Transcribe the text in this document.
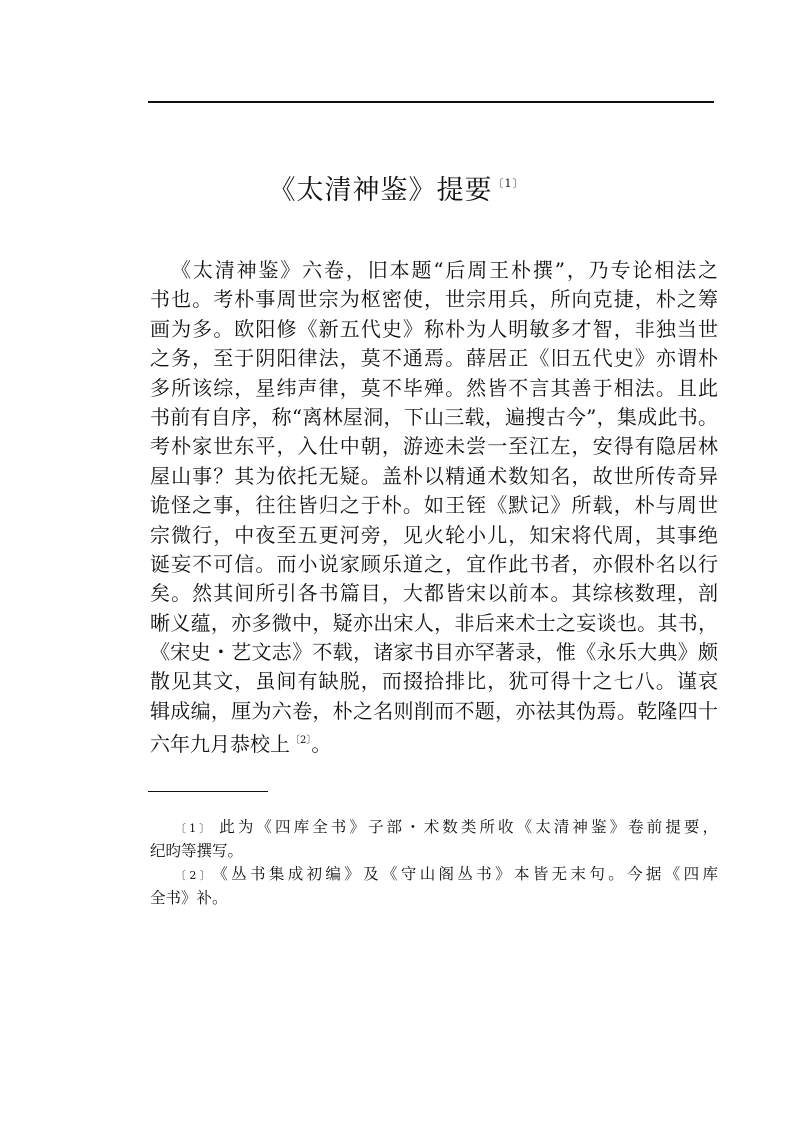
《太清神鉴》提要$^{〔1〕}$
《太清神鉴》六卷，旧本题“后周王朴撰”，乃专论相法之
书也。考朴事周世宗为枢密使，世宗用兵，所向克捷，朴之筹
画为多。欧阳修《新五代史》称朴为人明敏多才智，非独当世
之务，至于阴阳律法，莫不通焉。薛居正《旧五代史》亦谓朴
多所该综，星纬声律，莫不毕殚。然皆不言其善于相法。且此
书前有自序，称“离林屋洞，下山三载，遍搜古今”，集成此书。
考朴家世东平，入仕中朝，游迹未尝一至江左，安得有隐居林
屋山事？其为依托无疑。盖朴以精通术数知名，故世所传奇异
诡怪之事，往往皆归之于朴。如王铚《默记》所载，朴与周世
宗微行，中夜至五更河旁，见火轮小儿，知宋将代周，其事绝
诞妄不可信。而小说家顾乐道之，宜作此书者，亦假朴名以行
矣。然其间所引各书篇目，大都皆宋以前本。其综核数理，剖
晰义蕴，亦多微中，疑亦出宋人，非后来术士之妄谈也。其书，
《宋史・艺文志》不载，诸家书目亦罕著录，惟《永乐大典》颇
散见其文，虽间有缺脱，而掇拾排比，犹可得十之七八。谨哀
辑成编，厘为六卷，朴之名则削而不题，亦祛其伪焉。乾隆四十
六年九月恭校上$^{〔2〕}$。
〔1〕 此为《四库全书》子部・术数类所收《太清神鉴》卷前提要，
纪昀等撰写。
〔2〕 《丛书集成初编》及《守山阁丛书》本皆无末句。今据《四库
全书》补。
